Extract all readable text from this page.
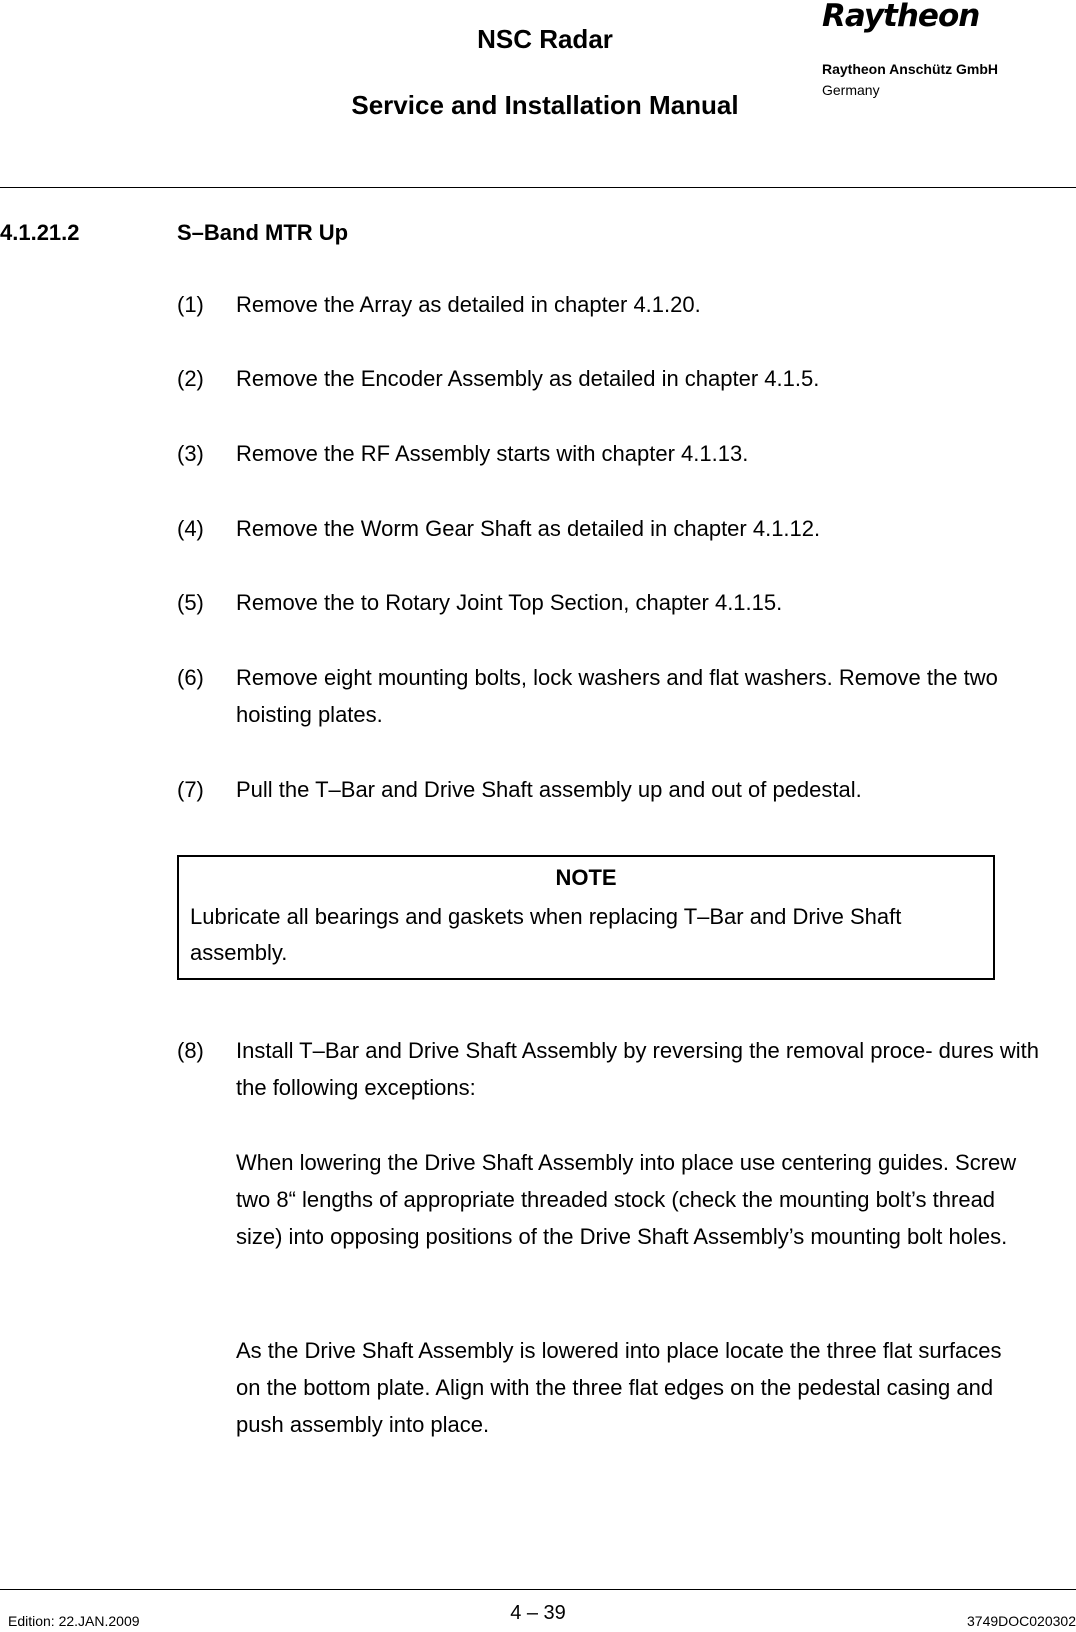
NSC Radar
Service and Installation Manual
Raytheon
Raytheon Anschütz GmbH
Germany
4.1.21.2	S–Band MTR Up
(1) Remove the Array as detailed in chapter 4.1.20.
(2) Remove the Encoder Assembly as detailed in chapter 4.1.5.
(3) Remove the RF Assembly starts with chapter 4.1.13.
(4) Remove the Worm Gear Shaft as detailed in chapter 4.1.12.
(5) Remove the to Rotary Joint Top Section, chapter 4.1.15.
(6) Remove eight mounting bolts, lock washers and flat washers. Remove the two hoisting plates.
(7) Pull the T–Bar and Drive Shaft assembly up and out of pedestal.
NOTE
Lubricate all bearings and gaskets when replacing T–Bar and Drive Shaft assembly.
(8) Install T–Bar and Drive Shaft Assembly by reversing the removal proce- dures with the following exceptions:
When lowering the Drive Shaft Assembly into place use centering guides. Screw two 8“ lengths of appropriate threaded stock (check the mounting bolt’s thread size) into opposing positions of the Drive Shaft Assembly’s mounting bolt holes.
As the Drive Shaft Assembly is lowered into place locate the three flat surfaces on the bottom plate. Align with the three flat edges on the pedestal casing and push assembly into place.
Edition: 22.JAN.2009	4 – 39	3749DOC020302
